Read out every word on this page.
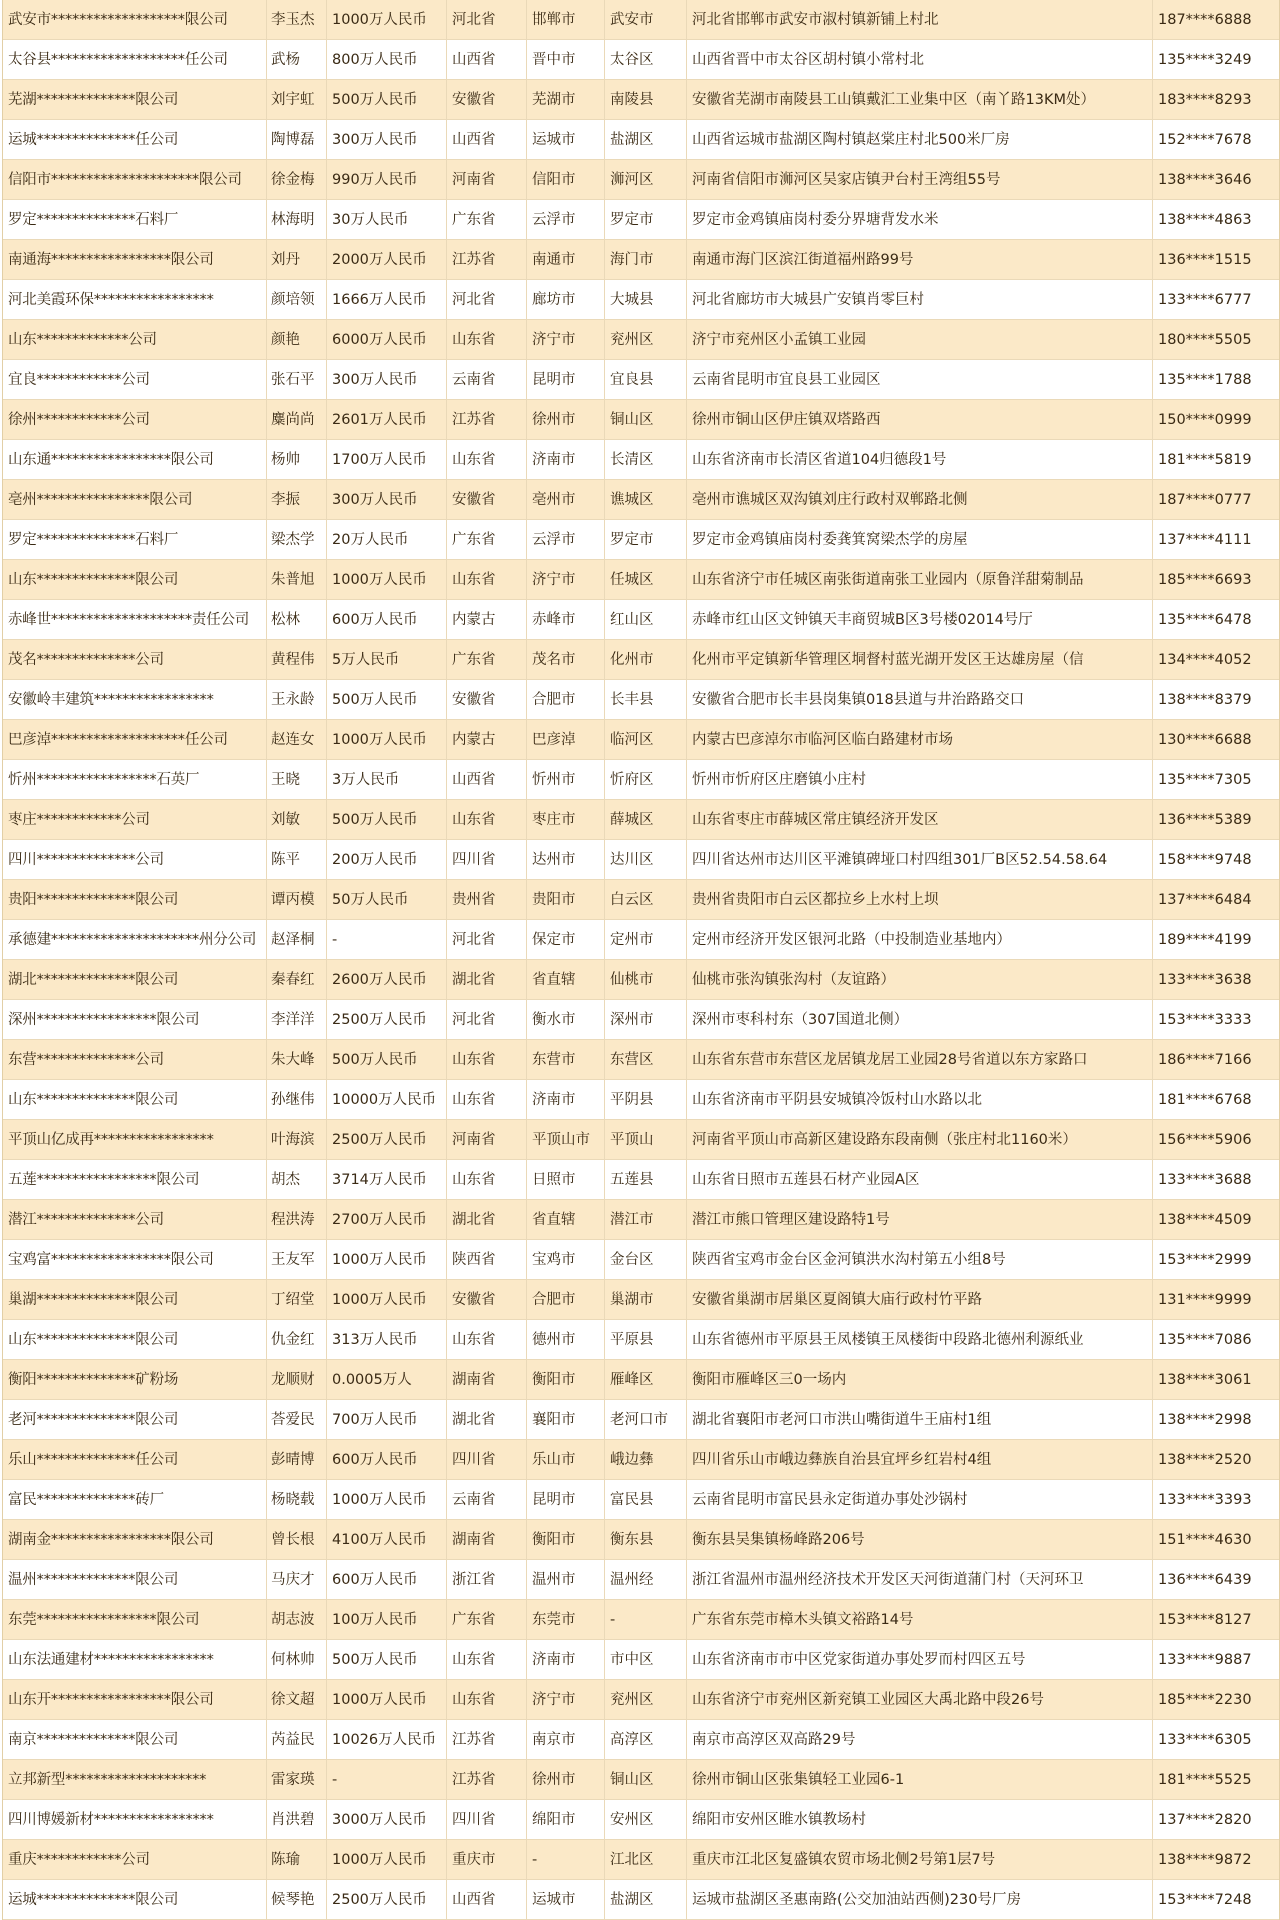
武安市*******************限公司	李玉杰	1000万人民币	河北省	邯郸市	武安市	河北省邯郸市武安市淑村镇新铺上村北	187****6888
太谷县*******************任公司	武杨	800万人民币	山西省	晋中市	太谷区	山西省晋中市太谷区胡村镇小常村北	135****3249
芜湖**************限公司	刘宇虹	500万人民币	安徽省	芜湖市	南陵县	安徽省芜湖市南陵县工山镇戴汇工业集中区（南丫路13KM处）	183****8293
运城**************任公司	陶博磊	300万人民币	山西省	运城市	盐湖区	山西省运城市盐湖区陶村镇赵棠庄村北500米厂房	152****7678
信阳市*********************限公司	徐金梅	990万人民币	河南省	信阳市	浉河区	河南省信阳市浉河区吴家店镇尹台村王湾组55号	138****3646
罗定**************石料厂	林海明	30万人民币	广东省	云浮市	罗定市	罗定市金鸡镇庙岗村委分界塘背发水米	138****4863
南通海*****************限公司	刘丹	2000万人民币	江苏省	南通市	海门市	南通市海门区滨江街道福州路99号	136****1515
河北美霞环保*****************	颜培领	1666万人民币	河北省	廊坊市	大城县	河北省廊坊市大城县广安镇肖零巨村	133****6777
山东*************公司	颜艳	6000万人民币	山东省	济宁市	兖州区	济宁市兖州区小孟镇工业园	180****5505
宜良************公司	张石平	300万人民币	云南省	昆明市	宜良县	云南省昆明市宜良县工业园区	135****1788
徐州************公司	麋尚尚	2601万人民币	江苏省	徐州市	铜山区	徐州市铜山区伊庄镇双塔路西	150****0999
山东通*****************限公司	杨帅	1700万人民币	山东省	济南市	长清区	山东省济南市长清区省道104归德段1号	181****5819
亳州****************限公司	李振	300万人民币	安徽省	亳州市	谯城区	亳州市谯城区双沟镇刘庄行政村双郸路北侧	187****0777
罗定**************石料厂	梁杰学	20万人民币	广东省	云浮市	罗定市	罗定市金鸡镇庙岗村委龚箕窝梁杰学的房屋	137****4111
山东**************限公司	朱普旭	1000万人民币	山东省	济宁市	任城区	山东省济宁市任城区南张街道南张工业园内（原鲁洋甜菊制品	185****6693
赤峰世********************责任公司	松林	600万人民币	内蒙古	赤峰市	红山区	赤峰市红山区文钟镇天丰商贸城B区3号楼02014号厅	135****6478
茂名**************公司	黄程伟	5万人民币	广东省	茂名市	化州市	化州市平定镇新华管理区垌督村蓝光湖开发区王达雄房屋（信	134****4052
安徽岭丰建筑*****************	王永龄	500万人民币	安徽省	合肥市	长丰县	安徽省合肥市长丰县岗集镇018县道与井治路路交口	138****8379
巴彦淖*******************任公司	赵连女	1000万人民币	内蒙古	巴彦淖	临河区	内蒙古巴彦淖尔市临河区临白路建材市场	130****6688
忻州*****************石英厂	王晓	3万人民币	山西省	忻州市	忻府区	忻州市忻府区庄磨镇小庄村	135****7305
枣庄************公司	刘敏	500万人民币	山东省	枣庄市	薛城区	山东省枣庄市薛城区常庄镇经济开发区	136****5389
四川**************公司	陈平	200万人民币	四川省	达州市	达川区	四川省达州市达川区平滩镇碑垭口村四组301厂B区52.54.58.64	158****9748
贵阳**************限公司	谭丙模	50万人民币	贵州省	贵阳市	白云区	贵州省贵阳市白云区都拉乡上水村上坝	137****6484
承德建*********************州分公司	赵泽桐	-	河北省	保定市	定州市	定州市经济开发区银河北路（中投制造业基地内）	189****4199
湖北**************限公司	秦春红	2600万人民币	湖北省	省直辖	仙桃市	仙桃市张沟镇张沟村（友谊路）	133****3638
深州*****************限公司	李洋洋	2500万人民币	河北省	衡水市	深州市	深州市枣科村东（307国道北侧）	153****3333
东营**************公司	朱大峰	500万人民币	山东省	东营市	东营区	山东省东营市东营区龙居镇龙居工业园28号省道以东方家路口	186****7166
山东**************限公司	孙继伟	10000万人民币	山东省	济南市	平阴县	山东省济南市平阴县安城镇冷饭村山水路以北	181****6768
平顶山亿成再*****************	叶海滨	2500万人民币	河南省	平顶山市	平顶山	河南省平顶山市高新区建设路东段南侧（张庄村北1160米）	156****5906
五莲*****************限公司	胡杰	3714万人民币	山东省	日照市	五莲县	山东省日照市五莲县石材产业园A区	133****3688
潜江**************公司	程洪涛	2700万人民币	湖北省	省直辖	潜江市	潜江市熊口管理区建设路特1号	138****4509
宝鸡富*****************限公司	王友军	1000万人民币	陕西省	宝鸡市	金台区	陕西省宝鸡市金台区金河镇洪水沟村第五小组8号	153****2999
巢湖**************限公司	丁绍堂	1000万人民币	安徽省	合肥市	巢湖市	安徽省巢湖市居巢区夏阁镇大庙行政村竹平路	131****9999
山东**************限公司	仇金红	313万人民币	山东省	德州市	平原县	山东省德州市平原县王凤楼镇王凤楼街中段路北德州利源纸业	135****7086
衡阳**************矿粉场	龙顺财	0.0005万人	湖南省	衡阳市	雁峰区	衡阳市雁峰区三0一场内	138****3061
老河**************限公司	荅爱民	700万人民币	湖北省	襄阳市	老河口市	湖北省襄阳市老河口市洪山嘴街道牛王庙村1组	138****2998
乐山**************任公司	彭晴博	600万人民币	四川省	乐山市	峨边彝	四川省乐山市峨边彝族自治县宜坪乡红岩村4组	138****2520
富民**************砖厂	杨晓载	1000万人民币	云南省	昆明市	富民县	云南省昆明市富民县永定街道办事处沙锅村	133****3393
湖南金*****************限公司	曾长根	4100万人民币	湖南省	衡阳市	衡东县	衡东县吴集镇杨峰路206号	151****4630
温州**************限公司	马庆才	600万人民币	浙江省	温州市	温州经	浙江省温州市温州经济技术开发区天河街道蒲门村（天河环卫	136****6439
东莞*****************限公司	胡志波	100万人民币	广东省	东莞市	-	广东省东莞市樟木头镇文裕路14号	153****8127
山东法通建材*****************	何林帅	500万人民币	山东省	济南市	市中区	山东省济南市市中区党家街道办事处罗而村四区五号	133****9887
山东开*****************限公司	徐文超	1000万人民币	山东省	济宁市	兖州区	山东省济宁市兖州区新兖镇工业园区大禹北路中段26号	185****2230
南京**************限公司	芮益民	10026万人民币	江苏省	南京市	高淳区	南京市高淳区双高路29号	133****6305
立邦新型********************	雷家瑛	-	江苏省	徐州市	铜山区	徐州市铜山区张集镇轻工业园6-1	181****5525
四川博媛新材*****************	肖洪碧	3000万人民币	四川省	绵阳市	安州区	绵阳市安州区睢水镇教场村	137****2820
重庆************公司	陈瑜	1000万人民币	重庆市	-	江北区	重庆市江北区复盛镇农贸市场北侧2号第1层7号	138****9872
运城**************限公司	候琴艳	2500万人民币	山西省	运城市	盐湖区	运城市盐湖区圣惠南路(公交加油站西侧)230号厂房	153****7248
